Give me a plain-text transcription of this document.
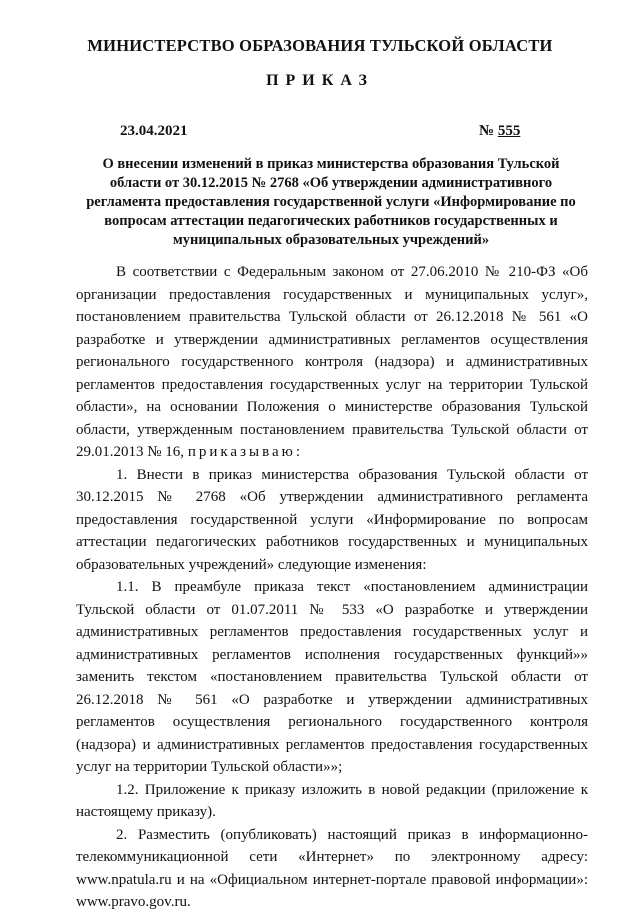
МИНИСТЕРСТВО ОБРАЗОВАНИЯ ТУЛЬСКОЙ ОБЛАСТИ
ПРИКАЗ
23.04.2021	№ 555
О внесении изменений в приказ министерства образования Тульской области от 30.12.2015 № 2768 «Об утверждении административного регламента предоставления государственной услуги «Информирование по вопросам аттестации педагогических работников государственных и муниципальных образовательных учреждений»

В соответствии с Федеральным законом от 27.06.2010 № 210-ФЗ «Об организации предоставления государственных и муниципальных услуг», постановлением правительства Тульской области от 26.12.2018 № 561 «О разработке и утверждении административных регламентов осуществления регионального государственного контроля (надзора) и административных регламентов предоставления государственных услуг на территории Тульской области», на основании Положения о министерстве образования Тульской области, утвержденным постановлением правительства Тульской области от 29.01.2013 № 16, приказываю:

1. Внести в приказ министерства образования Тульской области от 30.12.2015 № 2768 «Об утверждении административного регламента предоставления государственной услуги «Информирование по вопросам аттестации педагогических работников государственных и муниципальных образовательных учреждений» следующие изменения:

1.1. В преамбуле приказа текст «постановлением администрации Тульской области от 01.07.2011 № 533 «О разработке и утверждении административных регламентов предоставления государственных услуг и административных регламентов исполнения государственных функций»» заменить текстом «постановлением правительства Тульской области от 26.12.2018 № 561 «О разработке и утверждении административных регламентов осуществления регионального государственного контроля (надзора) и административных регламентов предоставления государственных услуг на территории Тульской области»»;

1.2. Приложение к приказу изложить в новой редакции (приложение к настоящему приказу).

2. Разместить (опубликовать) настоящий приказ в информационно-телекоммуникационной сети «Интернет» по электронному адресу: www.npatula.ru и на «Официальном интернет-портале правовой информации»: www.pravo.gov.ru.
